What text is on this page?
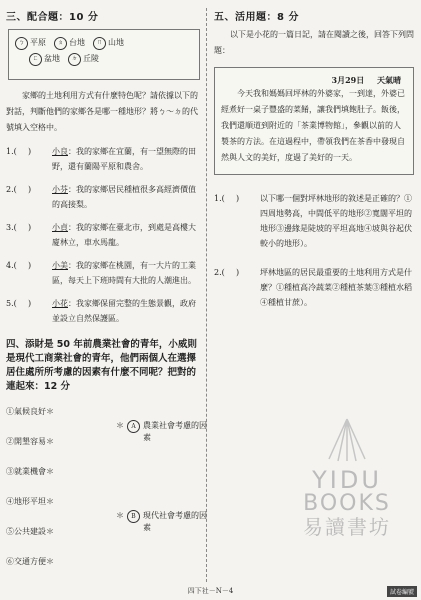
三、配合題：10 分
ㄅ 平原	ㄆ 台地	ㄇ 山地
ㄈ 盆地	ㄉ 丘陵
家鄉的土地利用方式有什麼特色呢？請依據以下的對話，判斷他們的家鄉各是哪一種地形？將ㄅ～ㄉ的代號填入空格中。
1.(	)	小良：我的家鄉在宜蘭，有一望無際的田野，還有蘭陽平原和農舍。
2.(	)	小芬：我的家鄉居民種植很多高經濟價值的高接梨。
3.(	)	小貞：我的家鄉在臺北市，到處是高樓大廈林立，車水馬龍。
4.(	)	小美：我的家鄉在桃園，有一大片的工業區，每天上下班時間有大批的人潮進出。
5.(	)	小花：我家鄉保留完整的生態景觀，政府並設立自然保護區。
四、添財是 50 年前農業社會的青年，小威則是現代工商業社會的青年，他們兩個人在選擇居住處所所考慮的因素有什麼不同呢？把對的連起來：12 分
①氣候良好＊
②開墾容易＊
③就業機會＊
④地形平坦＊
⑤公共建設＊
⑥交通方便＊
＊	A 農業社會考慮的因素
＊	B 現代社會考慮的因素
五、活用題：8 分
以下是小花的一篇日記，請在閱讀之後，回答下列問題：
3月29日 天氣晴
今天我和媽媽回坪林的外婆家，一到達，外婆已經煮好一桌子豐盛的菜餚，讓我們填飽肚子。飯後，我們還順道到附近的「茶業博物館」，參觀以前的人製茶的方法。在這過程中，帶領我們在茶香中發現自然與人文的美好，度過了美好的一天。
1.(	)	以下哪一個對坪林地形的敘述是正確的？①四周地勢高，中間低平的地形②寬闊平坦的地形③邊緣是陡坡的平坦高地④坡與谷起伏較小的地形）。
2.(	)	坪林地區的居民最重要的土地利用方式是什麼？①種植高冷蔬菜②種植茶葉③種植水稻④種植甘蔗）。
YIDU
BOOKS
易讀書坊
四下社－N－4	試卷編號
